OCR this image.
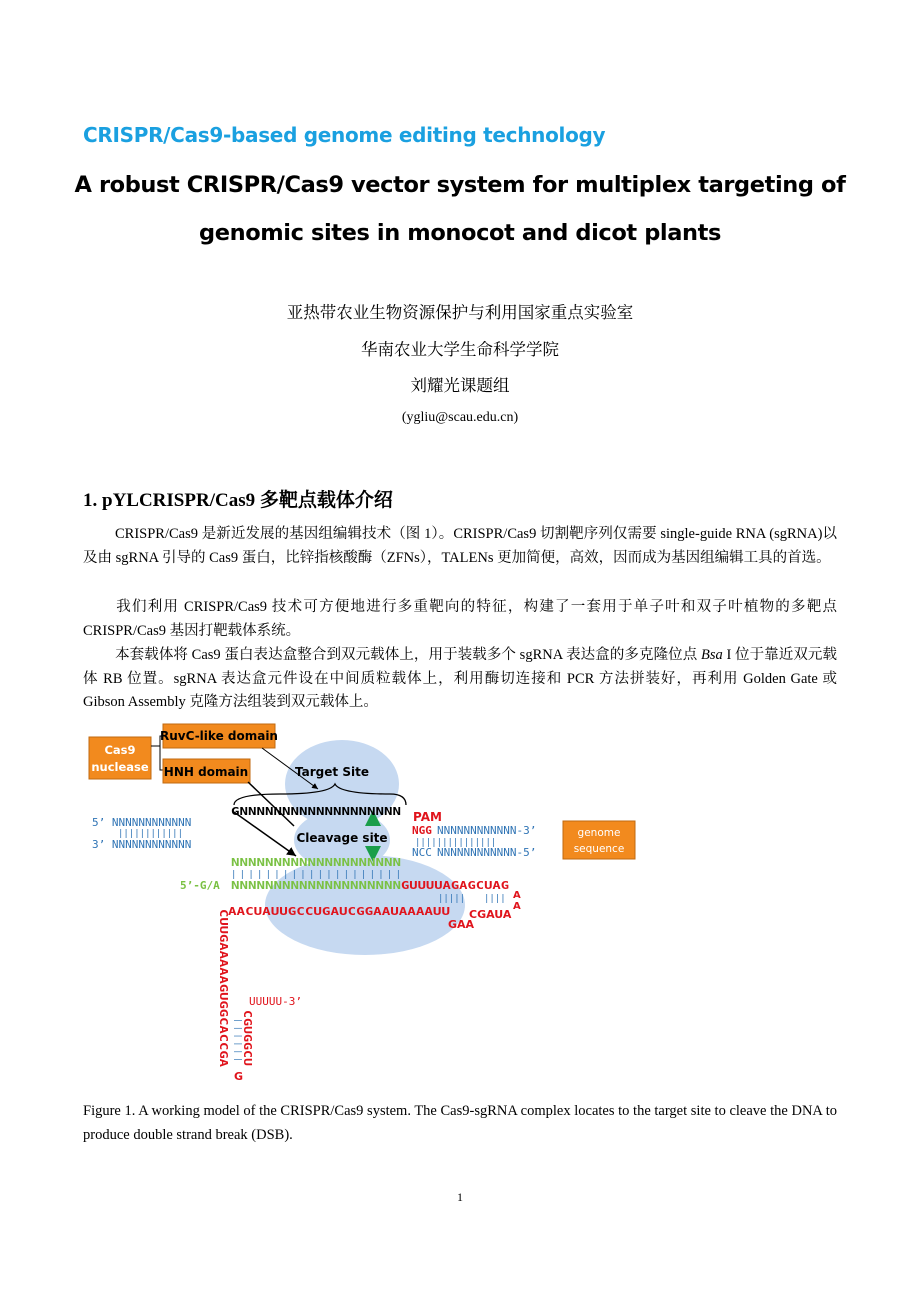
CRISPR/Cas9-based genome editing technology
A robust CRISPR/Cas9 vector system for multiplex targeting of
genomic sites in monocot and dicot plants
亚热带农业生物资源保护与利用国家重点实验室
华南农业大学生命科学学院
刘耀光课题组
(ygliu@scau.edu.cn)
1. pYLCRISPR/Cas9 多靶点载体介绍
CRISPR/Cas9 是新近发展的基因组编辑技术（图 1）。CRISPR/Cas9 切割靶序列仅需要 single-guide RNA (sgRNA)以及由 sgRNA 引导的 Cas9 蛋白，比锌指核酸酶（ZFNs），TALENs 更加简便，高效，因而成为基因组编辑工具的首选。
我们利用 CRISPR/Cas9 技术可方便地进行多重靶向的特征，构建了一套用于单子叶和双子叶植物的多靶点 CRISPR/Cas9 基因打靶载体系统。
本套载体将 Cas9 蛋白表达盒整合到双元载体上，用于装载多个 sgRNA 表达盒的多克隆位点 Bsa I 位于靠近双元载体 RB 位置。sgRNA 表达盒元件设在中间质粒载体上，利用酶切连接和 PCR 方法拼装好，再利用 Golden Gate 或 Gibson Assembly 克隆方法组装到双元载体上。
Cas9
nuclease
RuvC-like domain
HNH domain
genome
sequence
Target Site
Cleavage site
5’ NNNNNNNNNNNN
||||||||||||
3’ NNNNNNNNNNNN
GNNNNNNNNNNNNNNNNNNN PAM
NGG NNNNNNNNNNNN-3’
|||||||||||||||
NCC NNNNNNNNNNNN-5’
NNNNNNNNNNNNNNNNNNNN
||||||||||||||||||||
5’-G/A NNNNNNNNNNNNNNNNNNNN GUUUUAGAGCUAG
||||| |||| A
A
AACUAUUGCCUGAUCGGAAUAAAAUU CGAUA
GAA
CUUGAAAAAGUGGCACCGA UUUUU-3’
CGUGGCU
||||||
G
Figure 1. A working model of the CRISPR/Cas9 system. The Cas9-sgRNA complex locates to the target site to cleave the DNA to produce double strand break (DSB).
1
